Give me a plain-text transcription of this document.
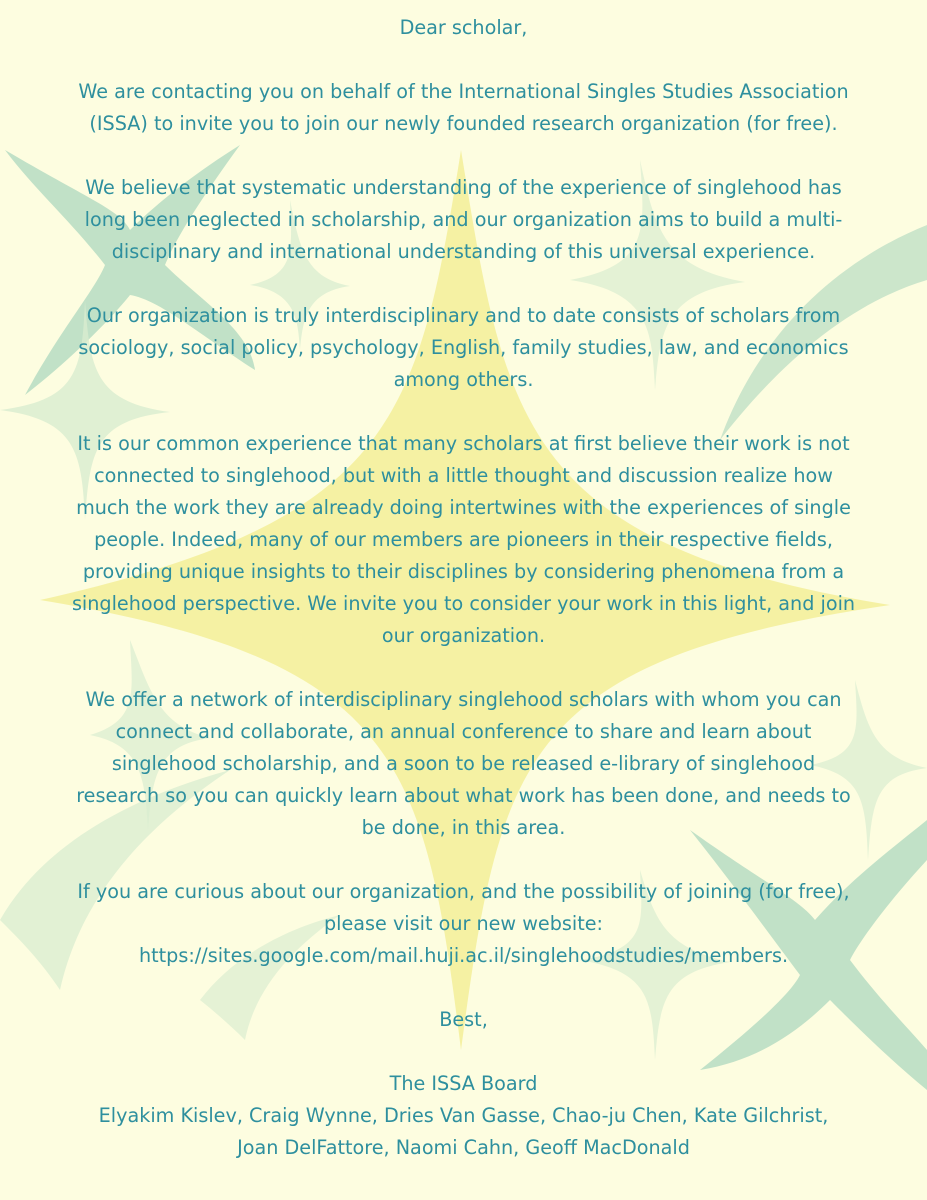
Dear scholar,

We are contacting you on behalf of the International Singles Studies Association
(ISSA) to invite you to join our newly founded research organization (for free).

We believe that systematic understanding of the experience of singlehood has
long been neglected in scholarship, and our organization aims to build a multi-
disciplinary and international understanding of this universal experience.

Our organization is truly interdisciplinary and to date consists of scholars from
sociology, social policy, psychology, English, family studies, law, and economics
among others.

It is our common experience that many scholars at first believe their work is not
connected to singlehood, but with a little thought and discussion realize how
much the work they are already doing intertwines with the experiences of single
people. Indeed, many of our members are pioneers in their respective fields,
providing unique insights to their disciplines by considering phenomena from a
singlehood perspective. We invite you to consider your work in this light, and join
our organization.

We offer a network of interdisciplinary singlehood scholars with whom you can
connect and collaborate, an annual conference to share and learn about
singlehood scholarship, and a soon to be released e-library of singlehood
research so you can quickly learn about what work has been done, and needs to
be done, in this area.

If you are curious about our organization, and the possibility of joining (for free),
please visit our new website:
https://sites.google.com/mail.huji.ac.il/singlehoodstudies/members.

Best,

The ISSA Board
Elyakim Kislev, Craig Wynne, Dries Van Gasse, Chao-ju Chen, Kate Gilchrist,
Joan DelFattore, Naomi Cahn, Geoff MacDonald
